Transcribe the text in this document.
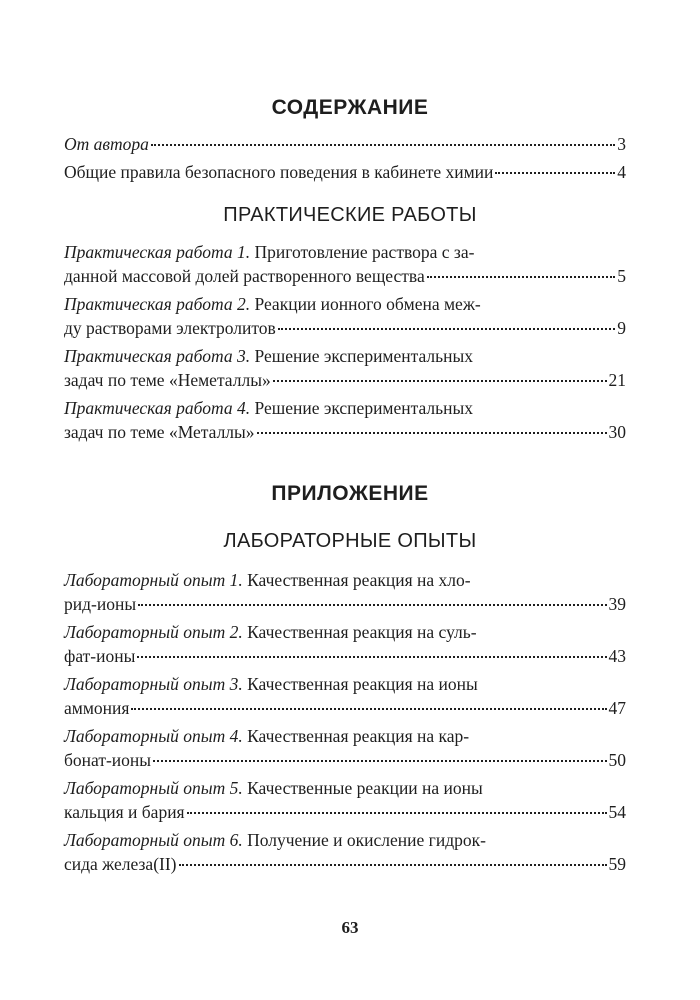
СОДЕРЖАНИЕ
От автора	3
Общие правила безопасного поведения в кабинете химии	4
ПРАКТИЧЕСКИЕ РАБОТЫ
Практическая работа 1. Приготовление раствора с за-
данной массовой долей растворенного вещества	5
Практическая работа 2. Реакции ионного обмена меж-
ду растворами электролитов	9
Практическая работа 3. Решение экспериментальных
задач по теме «Неметаллы»	21
Практическая работа 4. Решение экспериментальных
задач по теме «Металлы»	30
ПРИЛОЖЕНИЕ
ЛАБОРАТОРНЫЕ ОПЫТЫ
Лабораторный опыт 1. Качественная реакция на хло-
рид-ионы	39
Лабораторный опыт 2. Качественная реакция на суль-
фат-ионы	43
Лабораторный опыт 3. Качественная реакция на ионы
аммония	47
Лабораторный опыт 4. Качественная реакция на кар-
бонат-ионы	50
Лабораторный опыт 5. Качественные реакции на ионы
кальция и бария	54
Лабораторный опыт 6. Получение и окисление гидрок-
сида железа(II)	59
63
